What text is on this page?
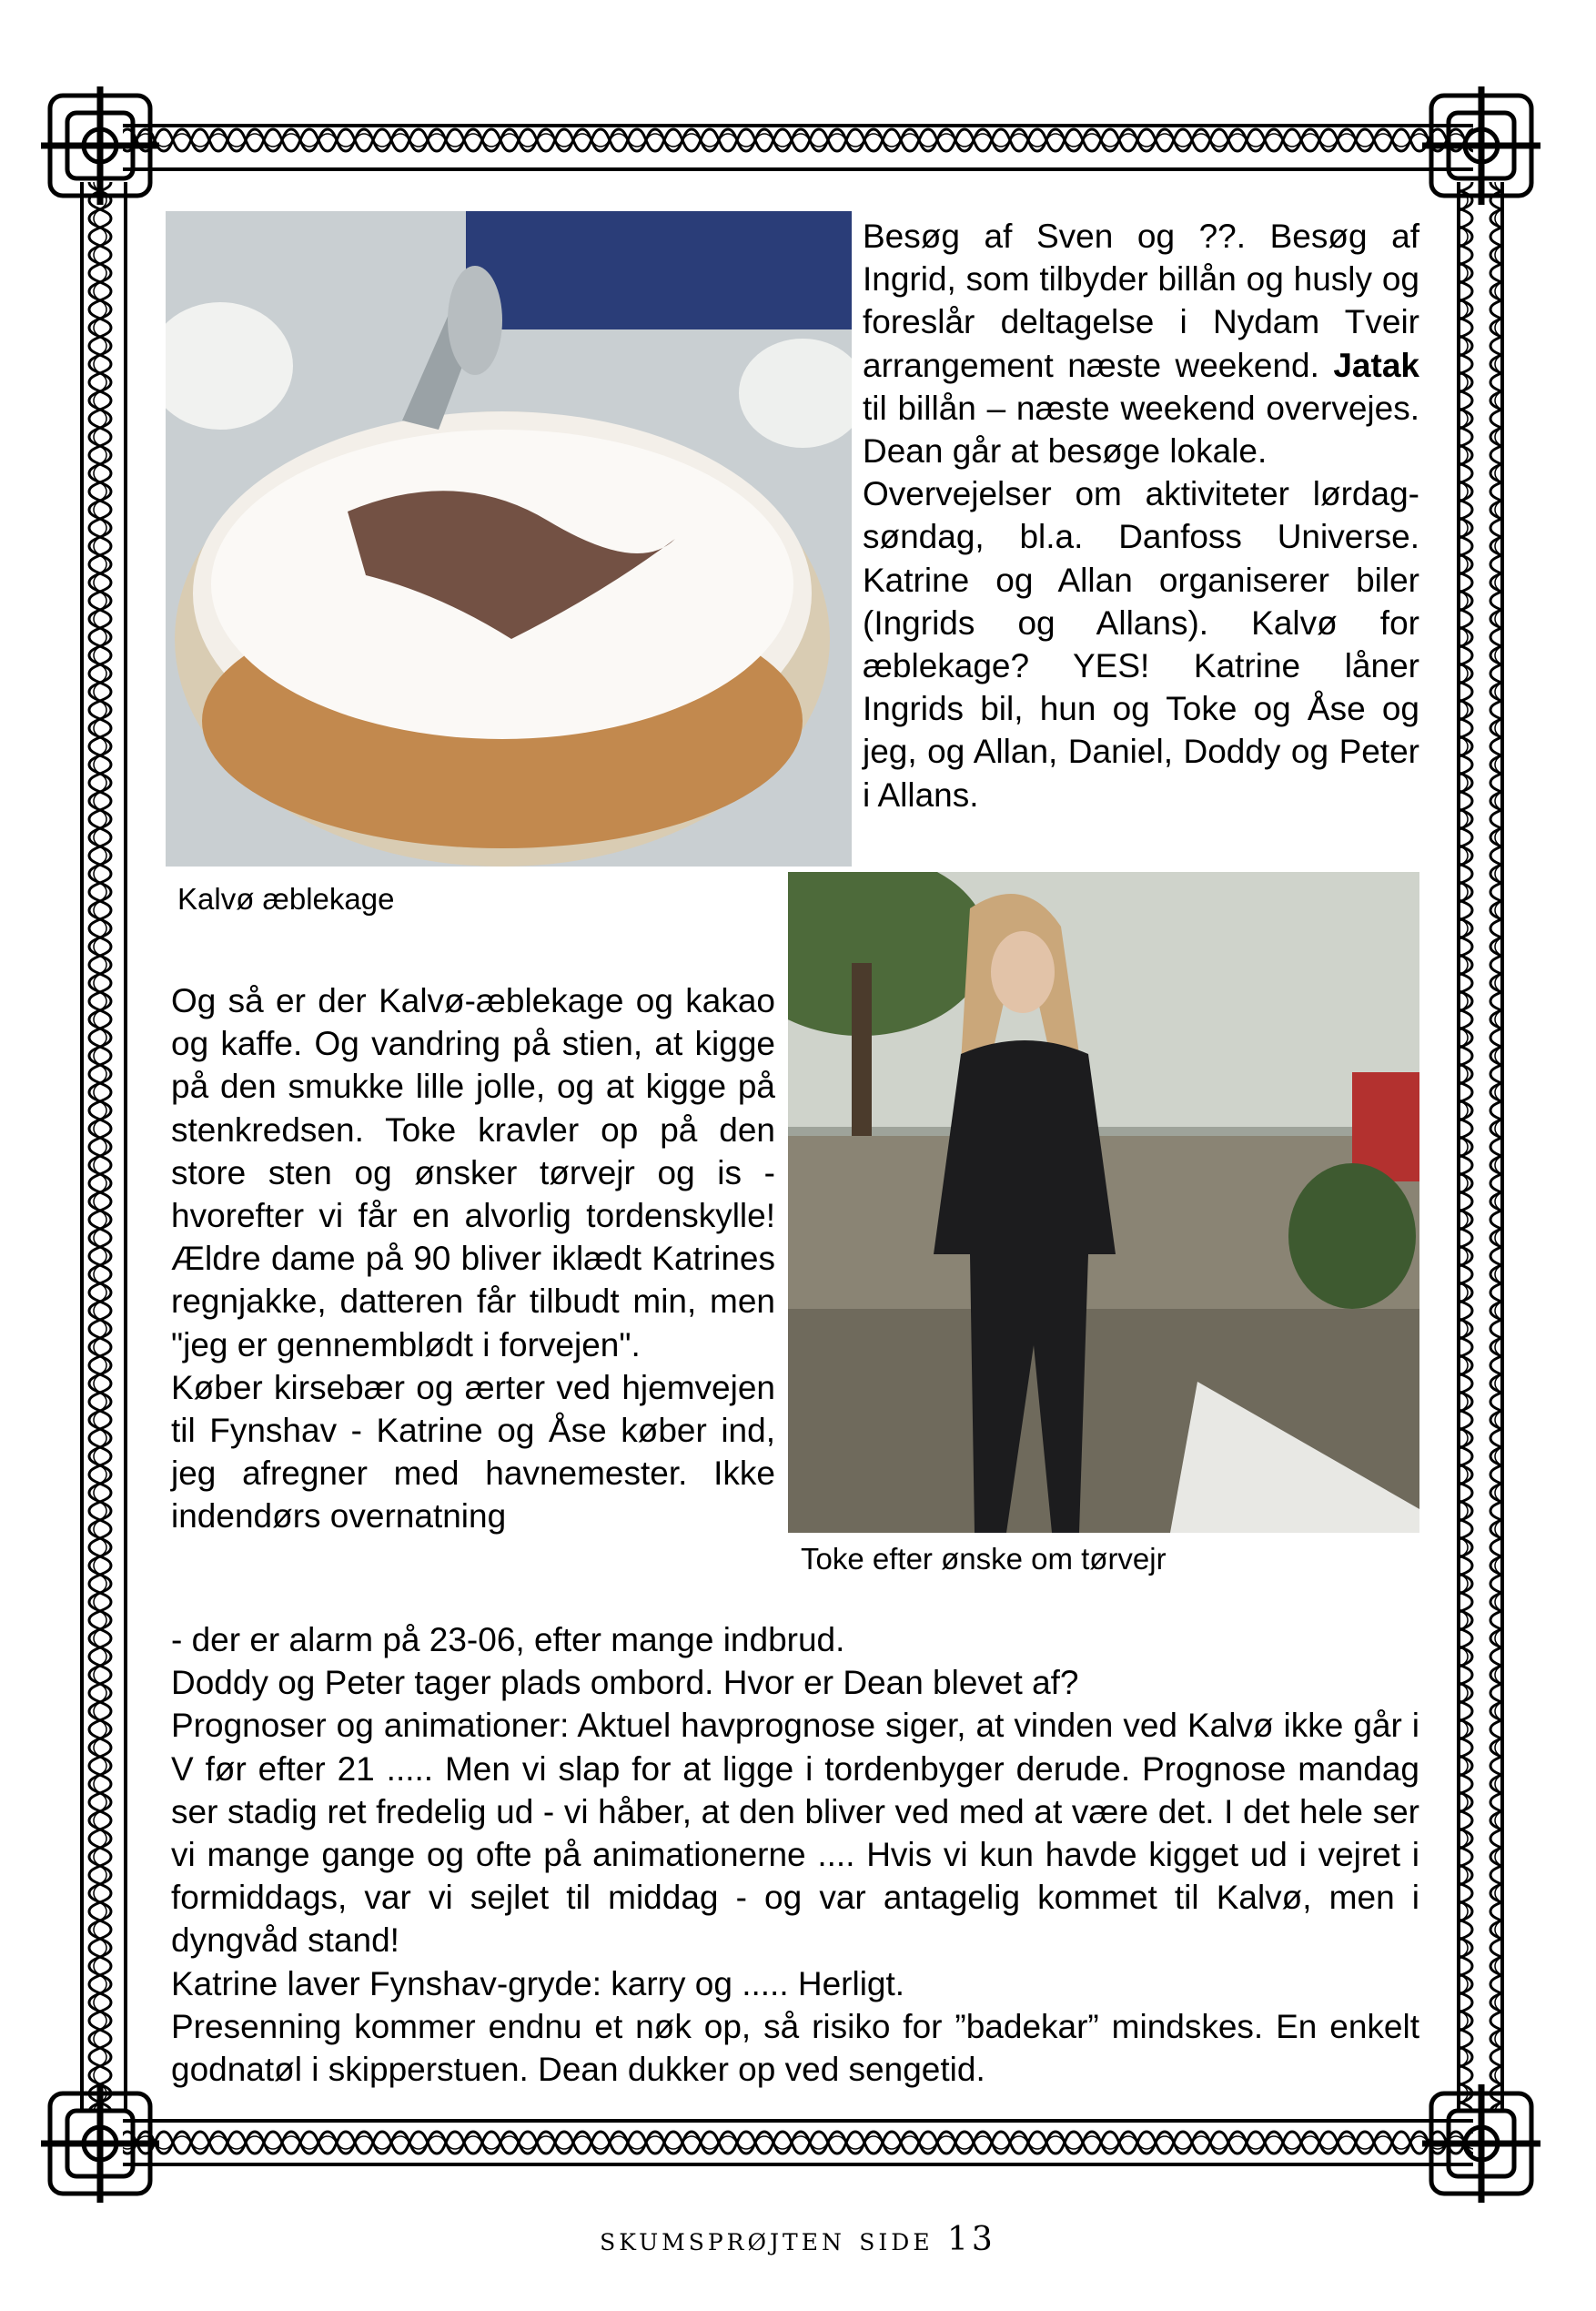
Kalvø æblekage

Besøg af Sven og ??. Besøg af Ingrid, som tilbyder billån og husly og foreslår deltagelse i Nydam Tveir arrangement næste weekend. Jatak til billån – næste weekend overvejes. Dean går at besøge lokale.

Overvejelser om aktiviteter lørdag-søndag, bl.a. Danfoss Universe. Katrine og Allan organiserer biler (Ingrids og Allans). Kalvø for æblekage? YES! Katrine låner Ingrids bil, hun og Toke og Åse og jeg, og Allan, Daniel, Doddy og Peter i Allans.

Toke efter ønske om tørvejr

Og så er der Kalvø-æblekage og kakao og kaffe. Og vandring på stien, at kigge på den smukke lille jolle, og at kigge på stenkredsen. Toke kravler op på den store sten og ønsker tørvejr og is - hvorefter vi får en alvorlig tordenskylle! Ældre dame på 90 bliver iklædt Katrines regnjakke, datteren får tilbudt min, men "jeg er gennemblødt i forvejen".

Køber kirsebær og ærter ved hjemvejen til Fynshav - Katrine og Åse køber ind, jeg afregner med havnemester. Ikke indendørs overnatning

- der er alarm på 23-06, efter mange indbrud.

Doddy og Peter tager plads ombord. Hvor er Dean blevet af?

Prognoser og animationer: Aktuel havprognose siger, at vinden ved Kalvø ikke går i V før efter 21 ..... Men vi slap for at ligge i tordenbyger derude. Prognose mandag ser stadig ret fredelig ud - vi håber, at den bliver ved med at være det. I det hele ser vi mange gange og ofte på animationerne .... Hvis vi kun havde kigget ud i vejret i formiddags, var vi sejlet til middag - og var antagelig kommet til Kalvø, men i dyngvåd stand!

Katrine laver Fynshav-gryde: karry og ..... Herligt.

Presenning kommer endnu et nøk op, så risiko for ”badekar” mindskes. En enkelt godnatøl i skipperstuen. Dean dukker op ved sengetid.

skumsprøjten side 13
